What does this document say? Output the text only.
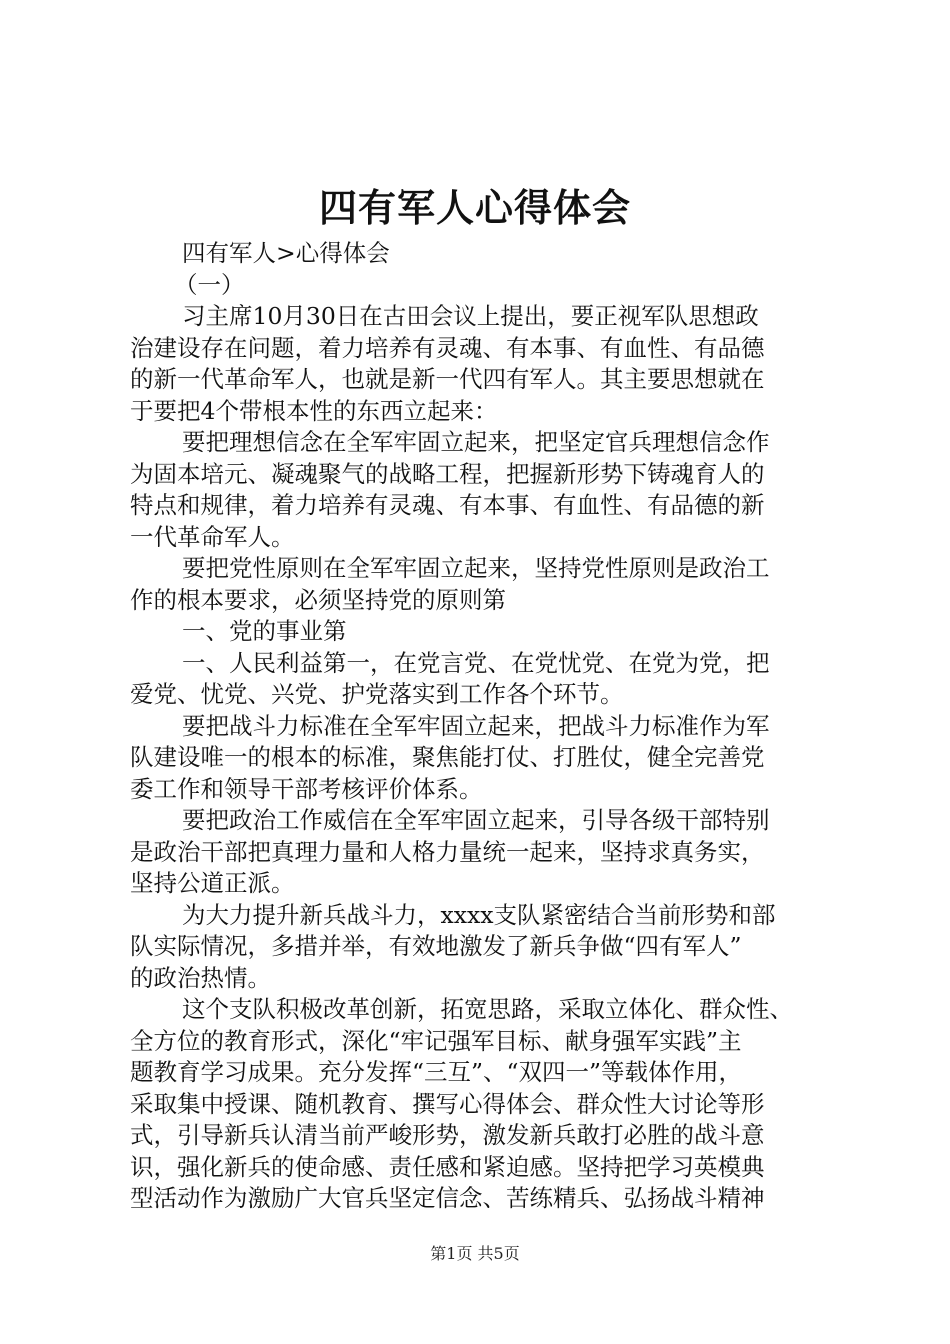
四有军人心得体会
四有军人>心得体会
（一）
习主席10月30日在古田会议上提出，要正视军队思想政
治建设存在问题，着力培养有灵魂、有本事、有血性、有品德
的新一代革命军人，也就是新一代四有军人。其主要思想就在
于要把4个带根本性的东西立起来：
要把理想信念在全军牢固立起来，把坚定官兵理想信念作
为固本培元、凝魂聚气的战略工程，把握新形势下铸魂育人的
特点和规律，着力培养有灵魂、有本事、有血性、有品德的新
一代革命军人。
要把党性原则在全军牢固立起来，坚持党性原则是政治工
作的根本要求，必须坚持党的原则第
一、党的事业第
一、人民利益第一，在党言党、在党忧党、在党为党，把
爱党、忧党、兴党、护党落实到工作各个环节。
要把战斗力标准在全军牢固立起来，把战斗力标准作为军
队建设唯一的根本的标准，聚焦能打仗、打胜仗，健全完善党
委工作和领导干部考核评价体系。
要把政治工作威信在全军牢固立起来，引导各级干部特别
是政治干部把真理力量和人格力量统一起来，坚持求真务实，
坚持公道正派。
为大力提升新兵战斗力，xxxx支队紧密结合当前形势和部
队实际情况，多措并举，有效地激发了新兵争做“四有军人”
的政治热情。
这个支队积极改革创新，拓宽思路，采取立体化、群众性、
全方位的教育形式，深化“牢记强军目标、献身强军实践”主
题教育学习成果。充分发挥“三互”、“双四一”等载体作用，
采取集中授课、随机教育、撰写心得体会、群众性大讨论等形
式，引导新兵认清当前严峻形势，激发新兵敢打必胜的战斗意
识，强化新兵的使命感、责任感和紧迫感。坚持把学习英模典
型活动作为激励广大官兵坚定信念、苦练精兵、弘扬战斗精神
第1页 共5页
